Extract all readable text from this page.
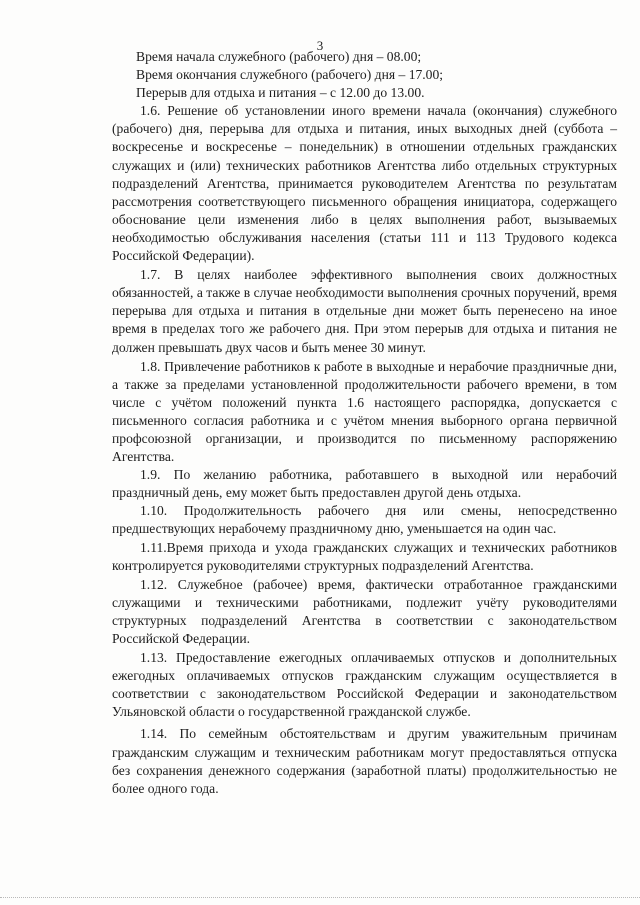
3

Время начала служебного (рабочего) дня – 08.00;

Время окончания служебного (рабочего) дня – 17.00;

Перерыв для отдыха и питания – с 12.00 до 13.00.

1.6. Решение об установлении иного времени начала (окончания) служебного (рабочего) дня, перерыва для отдыха и питания, иных выходных дней (суббота – воскресенье и воскресенье – понедельник) в отношении отдельных гражданских служащих и (или) технических работников Агентства либо отдельных структурных подразделений Агентства, принимается руководителем Агентства по результатам рассмотрения соответствующего письменного обращения инициатора, содержащего обоснование цели изменения либо в целях выполнения работ, вызываемых необходимостью обслуживания населения (статьи 111 и 113 Трудового кодекса Российской Федерации).

1.7. В целях наиболее эффективного выполнения своих должностных обязанностей, а также в случае необходимости выполнения срочных поручений, время перерыва для отдыха и питания в отдельные дни может быть перенесено на иное время в пределах того же рабочего дня. При этом перерыв для отдыха и питания не должен превышать двух часов и быть менее 30 минут.

1.8. Привлечение работников к работе в выходные и нерабочие праздничные дни, а также за пределами установленной продолжительности рабочего времени, в том числе с учётом положений пункта 1.6 настоящего распорядка, допускается с письменного согласия работника и с учётом мнения выборного органа первичной профсоюзной организации, и производится по письменному распоряжению Агентства.

1.9. По желанию работника, работавшего в выходной или нерабочий праздничный день, ему может быть предоставлен другой день отдыха.

1.10. Продолжительность рабочего дня или смены, непосредственно предшествующих нерабочему праздничному дню, уменьшается на один час.

1.11.Время прихода и ухода гражданских служащих и технических работников контролируется руководителями структурных подразделений Агентства.

1.12. Служебное (рабочее) время, фактически отработанное гражданскими служащими и техническими работниками, подлежит учёту руководителями структурных подразделений Агентства в соответствии с законодательством Российской Федерации.

1.13. Предоставление ежегодных оплачиваемых отпусков и дополнительных ежегодных оплачиваемых отпусков гражданским служащим осуществляется в соответствии с законодательством Российской Федерации и законодательством Ульяновской области о государственной гражданской службе.

1.14. По семейным обстоятельствам и другим уважительным причинам гражданским служащим и техническим работникам могут предоставляться отпуска без сохранения денежного содержания (заработной платы) продолжительностью не более одного года.
